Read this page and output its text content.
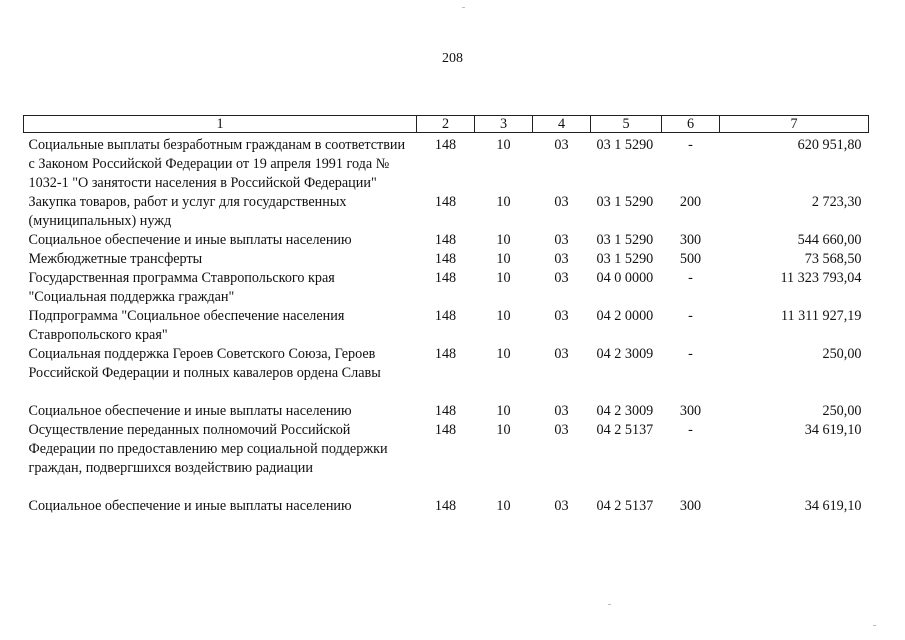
208
1	2	3	4	5	6	7
Социальные выплаты безработным гражданам в соответствии с Законом Российской Федерации от 19 апреля 1991 года № 1032-1 "О занятости населения в Российской Федерации"	148	10	03	03 1 5290	-	620 951,80
Закупка товаров, работ и услуг для государственных (муниципальных) нужд	148	10	03	03 1 5290	200	2 723,30
Социальное обеспечение и иные выплаты населению	148	10	03	03 1 5290	300	544 660,00
Межбюджетные трансферты	148	10	03	03 1 5290	500	73 568,50
Государственная программа Ставропольского края "Социальная поддержка граждан"	148	10	03	04 0 0000	-	11 323 793,04
Подпрограмма "Социальное обеспечение населения Ставропольского края"	148	10	03	04 2 0000	-	11 311 927,19
Социальная поддержка Героев Советского Союза, Героев Российской Федерации и полных кавалеров ордена Славы	148	10	03	04 2 3009	-	250,00
Социальное обеспечение и иные выплаты населению	148	10	03	04 2 3009	300	250,00
Осуществление переданных полномочий Российской Федерации по предоставлению мер социальной поддержки граждан, подвергшихся воздействию радиации	148	10	03	04 2 5137	-	34 619,10
Социальное обеспечение и иные выплаты населению	148	10	03	04 2 5137	300	34 619,10
